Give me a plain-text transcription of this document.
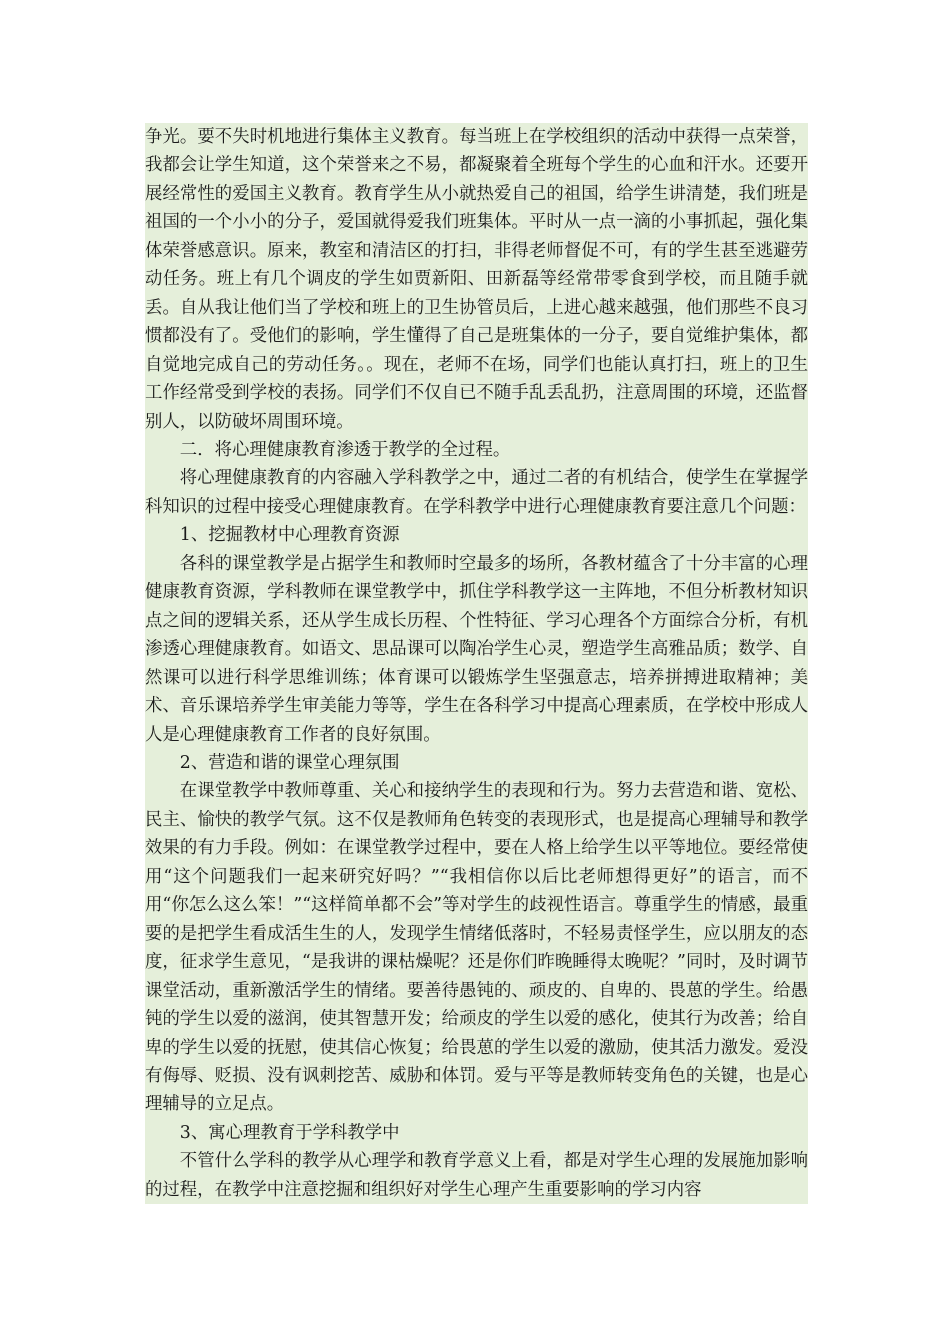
争光。要不失时机地进行集体主义教育。每当班上在学校组织的活动中获得一点荣誉，我都会让学生知道，这个荣誉来之不易，都凝聚着全班每个学生的心血和汗水。还要开展经常性的爱国主义教育。教育学生从小就热爱自己的祖国，给学生讲清楚，我们班是祖国的一个小小的分子，爱国就得爱我们班集体。平时从一点一滴的小事抓起，强化集体荣誉感意识。原来，教室和清洁区的打扫，非得老师督促不可，有的学生甚至逃避劳动任务。班上有几个调皮的学生如贾新阳、田新磊等经常带零食到学校，而且随手就丢。自从我让他们当了学校和班上的卫生协管员后，上进心越来越强，他们那些不良习惯都没有了。受他们的影响，学生懂得了自己是班集体的一分子，要自觉维护集体，都自觉地完成自己的劳动任务。。现在，老师不在场，同学们也能认真打扫，班上的卫生工作经常受到学校的表扬。同学们不仅自已不随手乱丢乱扔，注意周围的环境，还监督别人，以防破坏周围环境。

二．将心理健康教育渗透于教学的全过程。

将心理健康教育的内容融入学科教学之中，通过二者的有机结合，使学生在掌握学科知识的过程中接受心理健康教育。在学科教学中进行心理健康教育要注意几个问题：

1、挖掘教材中心理教育资源

各科的课堂教学是占据学生和教师时空最多的场所，各教材蕴含了十分丰富的心理健康教育资源，学科教师在课堂教学中，抓住学科教学这一主阵地，不但分析教材知识点之间的逻辑关系，还从学生成长历程、个性特征、学习心理各个方面综合分析，有机渗透心理健康教育。如语文、思品课可以陶冶学生心灵，塑造学生高雅品质；数学、自然课可以进行科学思维训练；体育课可以锻炼学生坚强意志，培养拼搏进取精神；美术、音乐课培养学生审美能力等等，学生在各科学习中提高心理素质，在学校中形成人人是心理健康教育工作者的良好氛围。

2、营造和谐的课堂心理氛围

在课堂教学中教师尊重、关心和接纳学生的表现和行为。努力去营造和谐、宽松、民主、愉快的教学气氛。这不仅是教师角色转变的表现形式，也是提高心理辅导和教学效果的有力手段。例如：在课堂教学过程中，要在人格上给学生以平等地位。要经常使用“这个问题我们一起来研究好吗？”“我相信你以后比老师想得更好”的语言，而不用“你怎么这么笨！”“这样简单都不会”等对学生的歧视性语言。尊重学生的情感，最重要的是把学生看成活生生的人，发现学生情绪低落时，不轻易责怪学生，应以朋友的态度，征求学生意见，“是我讲的课枯燥呢？还是你们昨晚睡得太晚呢？”同时，及时调节课堂活动，重新激活学生的情绪。要善待愚钝的、顽皮的、自卑的、畏葸的学生。给愚钝的学生以爱的滋润，使其智慧开发；给顽皮的学生以爱的感化，使其行为改善；给自卑的学生以爱的抚慰，使其信心恢复；给畏葸的学生以爱的激励，使其活力激发。爱没有侮辱、贬损、没有讽刺挖苦、威胁和体罚。爱与平等是教师转变角色的关键，也是心理辅导的立足点。

3、寓心理教育于学科教学中

不管什么学科的教学从心理学和教育学意义上看，都是对学生心理的发展施加影响的过程，在教学中注意挖掘和组织好对学生心理产生重要影响的学习内容
